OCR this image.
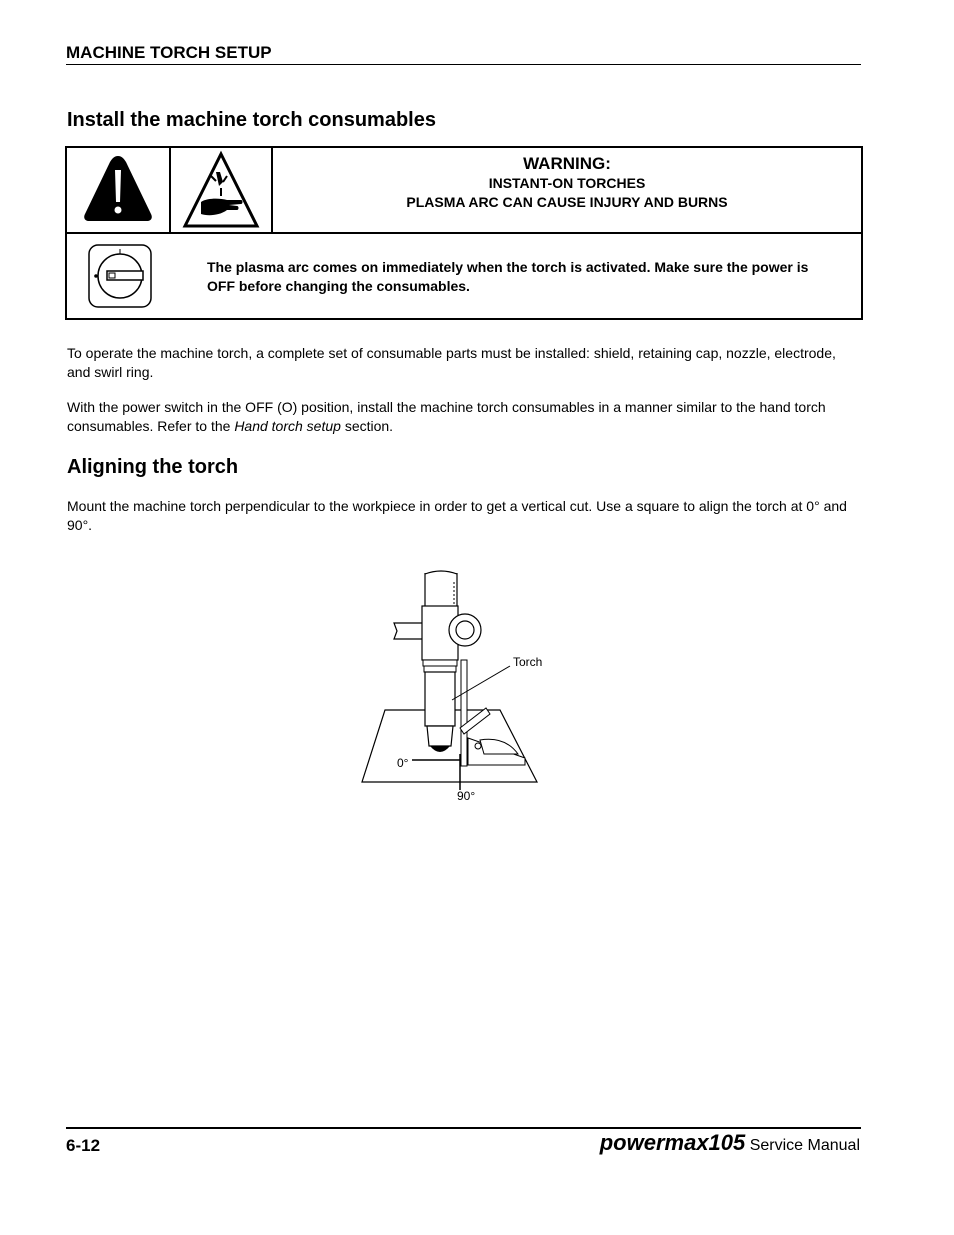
MACHINE TORCH SETUP
Install the machine torch consumables
WARNING:
INSTANT-ON TORCHES
PLASMA ARC CAN CAUSE INJURY AND BURNS
The plasma arc comes on immediately when the torch is activated. Make sure the power is OFF before changing the consumables.
To operate the machine torch, a complete set of consumable parts must be installed: shield, retaining cap, nozzle, electrode, and swirl ring.
With the power switch in the OFF (O) position, install the machine torch consumables in a manner similar to the hand torch consumables. Refer to the Hand torch setup section.
Aligning the torch
Mount the machine torch perpendicular to the workpiece in order to get a vertical cut. Use a square to align the torch at 0° and 90°.
Torch
0°
90°
6-12	powermax105 Service Manual
